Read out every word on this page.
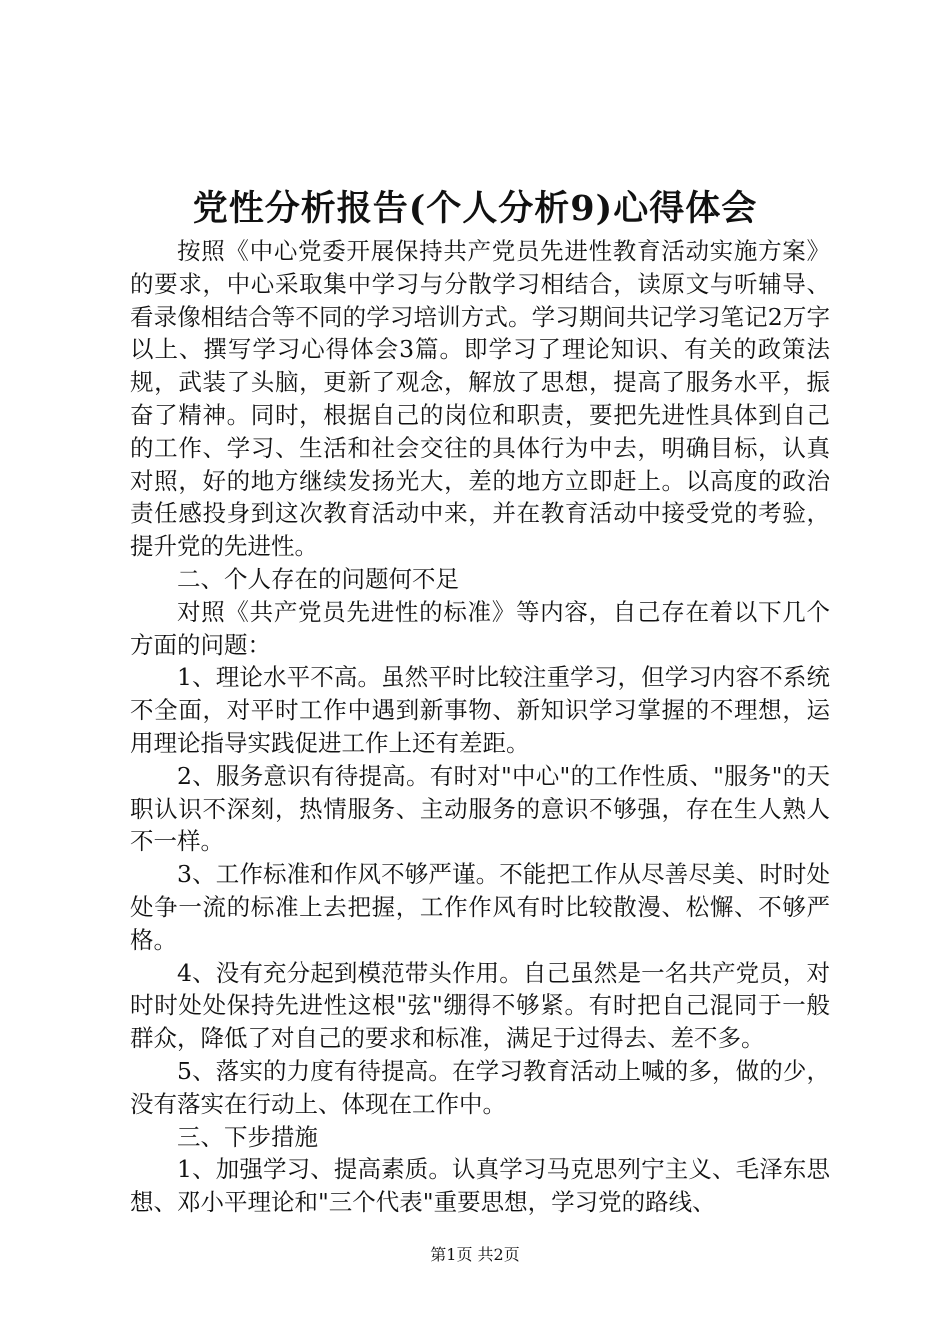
党性分析报告(个人分析9)心得体会

按照《中心党委开展保持共产党员先进性教育活动实施方案》的要求，中心采取集中学习与分散学习相结合，读原文与听辅导、看录像相结合等不同的学习培训方式。学习期间共记学习笔记2万字以上、撰写学习心得体会3篇。即学习了理论知识、有关的政策法规，武装了头脑，更新了观念，解放了思想，提高了服务水平，振奋了精神。同时，根据自己的岗位和职责，要把先进性具体到自己的工作、学习、生活和社会交往的具体行为中去，明确目标，认真对照，好的地方继续发扬光大，差的地方立即赶上。以高度的政治责任感投身到这次教育活动中来，并在教育活动中接受党的考验，提升党的先进性。

二、个人存在的问题何不足

对照《共产党员先进性的标准》等内容，自己存在着以下几个方面的问题：

1、理论水平不高。虽然平时比较注重学习，但学习内容不系统不全面，对平时工作中遇到新事物、新知识学习掌握的不理想，运用理论指导实践促进工作上还有差距。

2、服务意识有待提高。有时对"中心"的工作性质、"服务"的天职认识不深刻，热情服务、主动服务的意识不够强，存在生人熟人不一样。

3、工作标准和作风不够严谨。不能把工作从尽善尽美、时时处处争一流的标准上去把握，工作作风有时比较散漫、松懈、不够严格。

4、没有充分起到模范带头作用。自己虽然是一名共产党员，对时时处处保持先进性这根"弦"绷得不够紧。有时把自己混同于一般群众，降低了对自己的要求和标准，满足于过得去、差不多。

5、落实的力度有待提高。在学习教育活动上喊的多，做的少，没有落实在行动上、体现在工作中。

三、下步措施

1、加强学习、提高素质。认真学习马克思列宁主义、毛泽东思想、邓小平理论和"三个代表"重要思想，学习党的路线、

第1页 共2页
